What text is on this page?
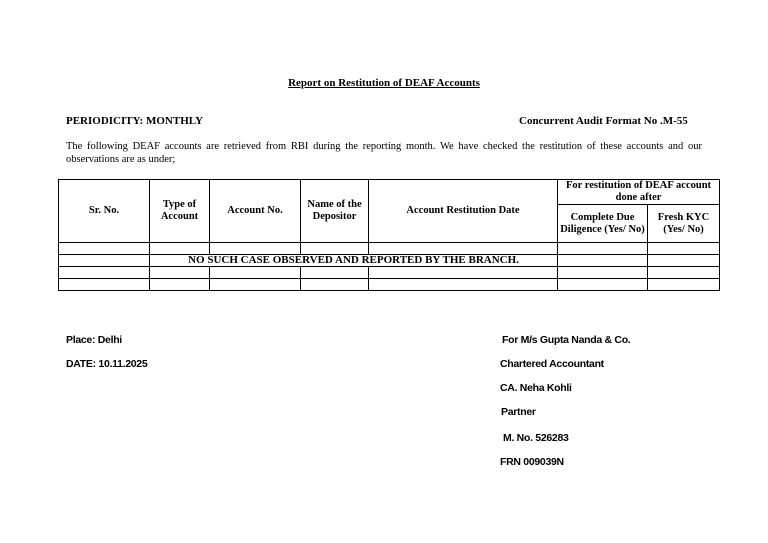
Report on Restitution of DEAF Accounts
PERIODICITY: MONTHLY	Concurrent Audit Format No .M-55
The following DEAF accounts are retrieved from RBI during the reporting month. We have checked the restitution of these accounts and our observations are as under;
Sr. No.	Type of Account	Account No.	Name of the Depositor	Account Restitution Date	For restitution of DEAF account done after	
					Complete Due Diligence (Yes/ No)	Fresh KYC (Yes/ No)

	NO SUCH CASE OBSERVED AND REPORTED BY THE BRANCH.					

Place: Delhi
DATE: 10.11.2025
For M/s Gupta Nanda & Co.
Chartered Accountant
CA. Neha Kohli
Partner
M. No. 526283
FRN 009039N
